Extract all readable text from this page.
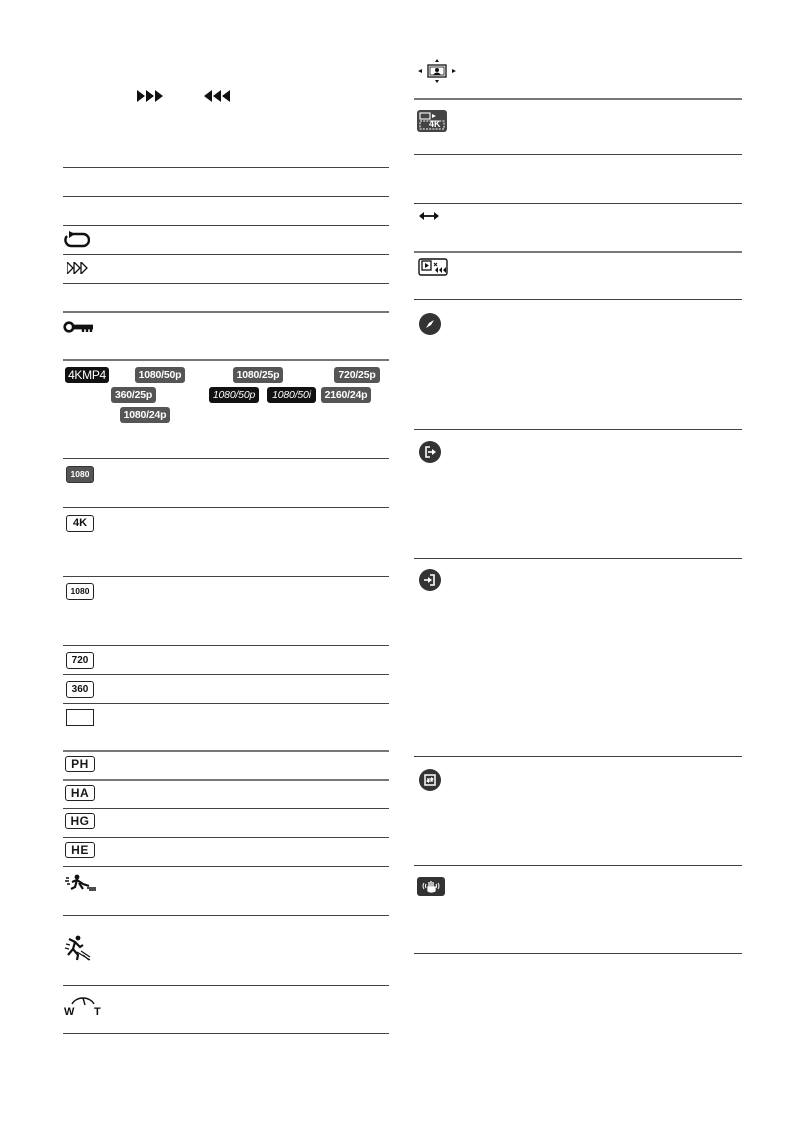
4KMP4	1080/50p	1080/25p	720/25p
360/25p	1080/50p	1080/50i	2160/24p
1080/24p
1080
4K
1080
720
360
PH
HA
HG
HE
W T
4K
